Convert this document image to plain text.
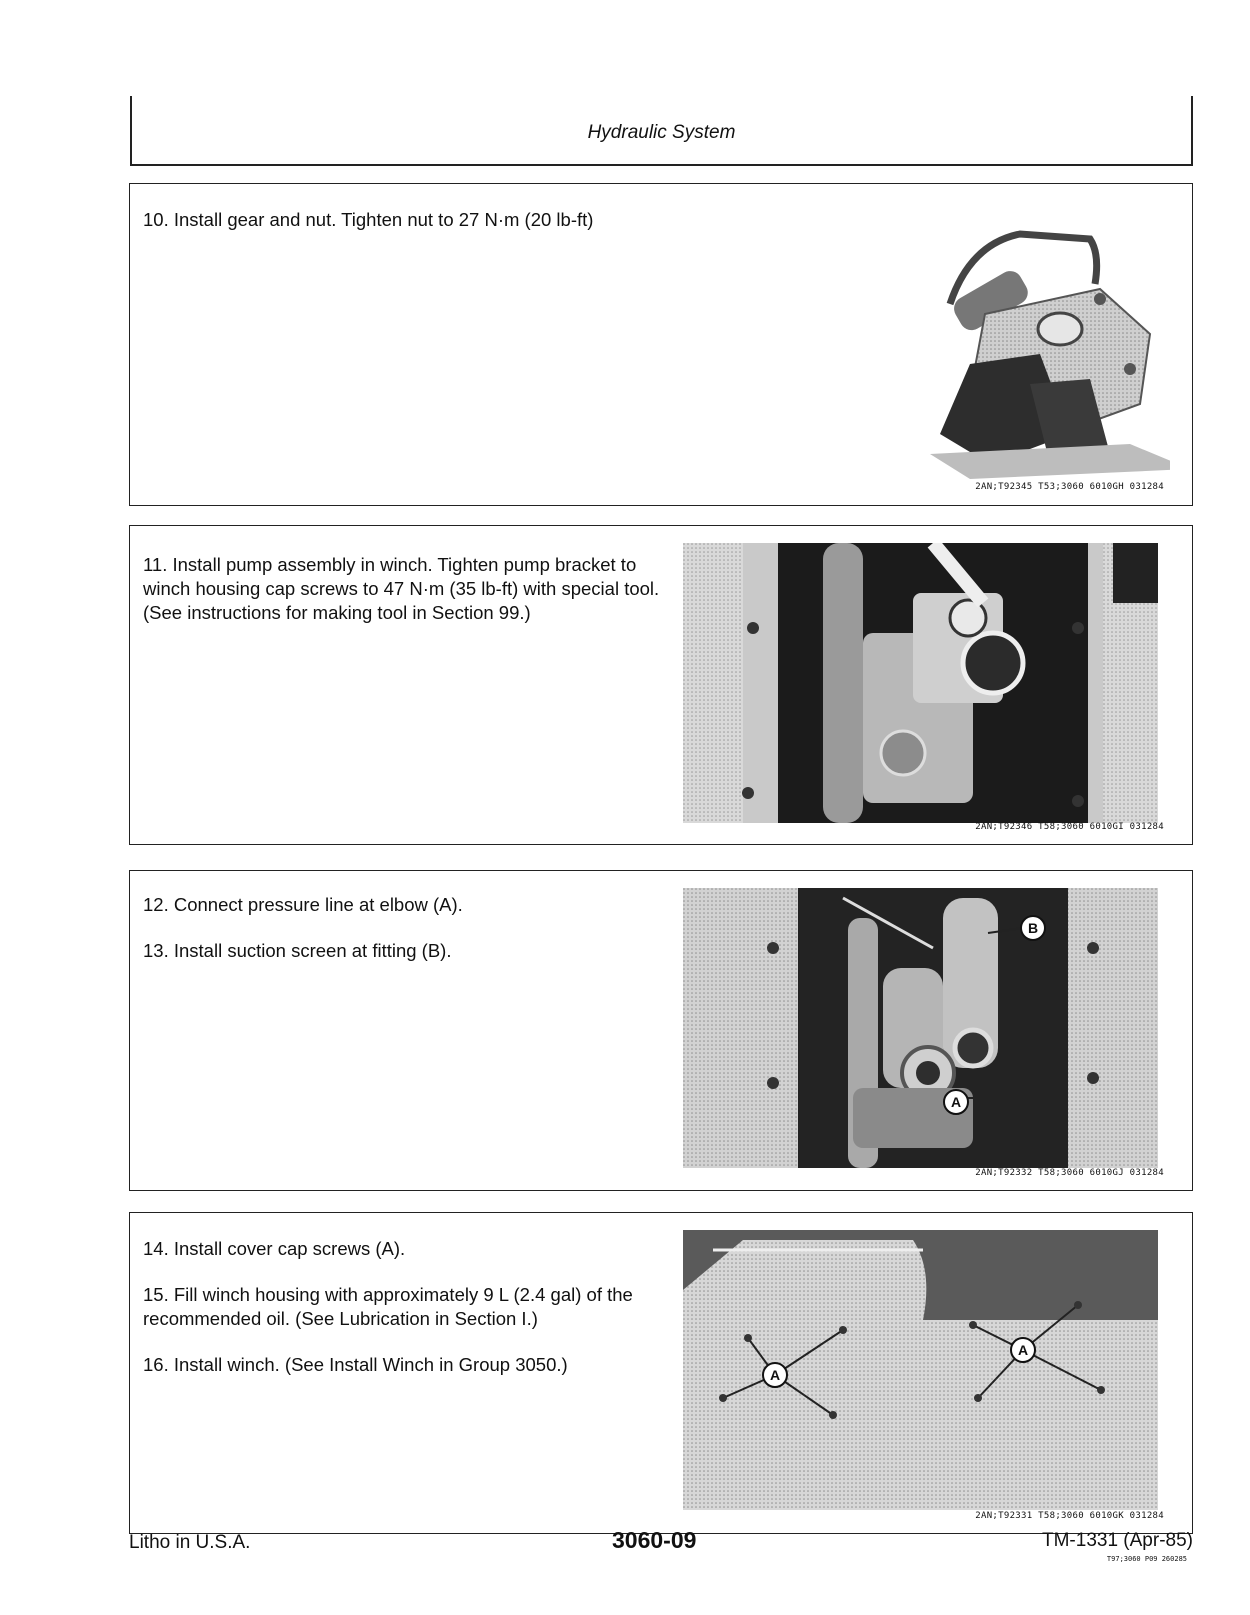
Hydraulic System

10. Install gear and nut. Tighten nut to 27 N·m (20 lb-ft)

2AN;T92345 T53;3060 6010GH 031284

11. Install pump assembly in winch. Tighten pump bracket to winch housing cap screws to 47 N·m (35 lb-ft) with special tool. (See instructions for making tool in Section 99.)

2AN;T92346 T58;3060 6010GI 031284

12. Connect pressure line at elbow (A).

13. Install suction screen at fitting (B).

A
B
2AN;T92332 T58;3060 6010GJ 031284

14. Install cover cap screws (A).

15. Fill winch housing with approximately 9 L (2.4 gal) of the recommended oil. (See Lubrication in Section I.)

16. Install winch. (See Install Winch in Group 3050.)	A
A
2AN;T92331 T58;3060 6010GK 031284
Litho in U.S.A.	3060-09	TM-1331 (Apr-85)
T97;3060 P09 260285
